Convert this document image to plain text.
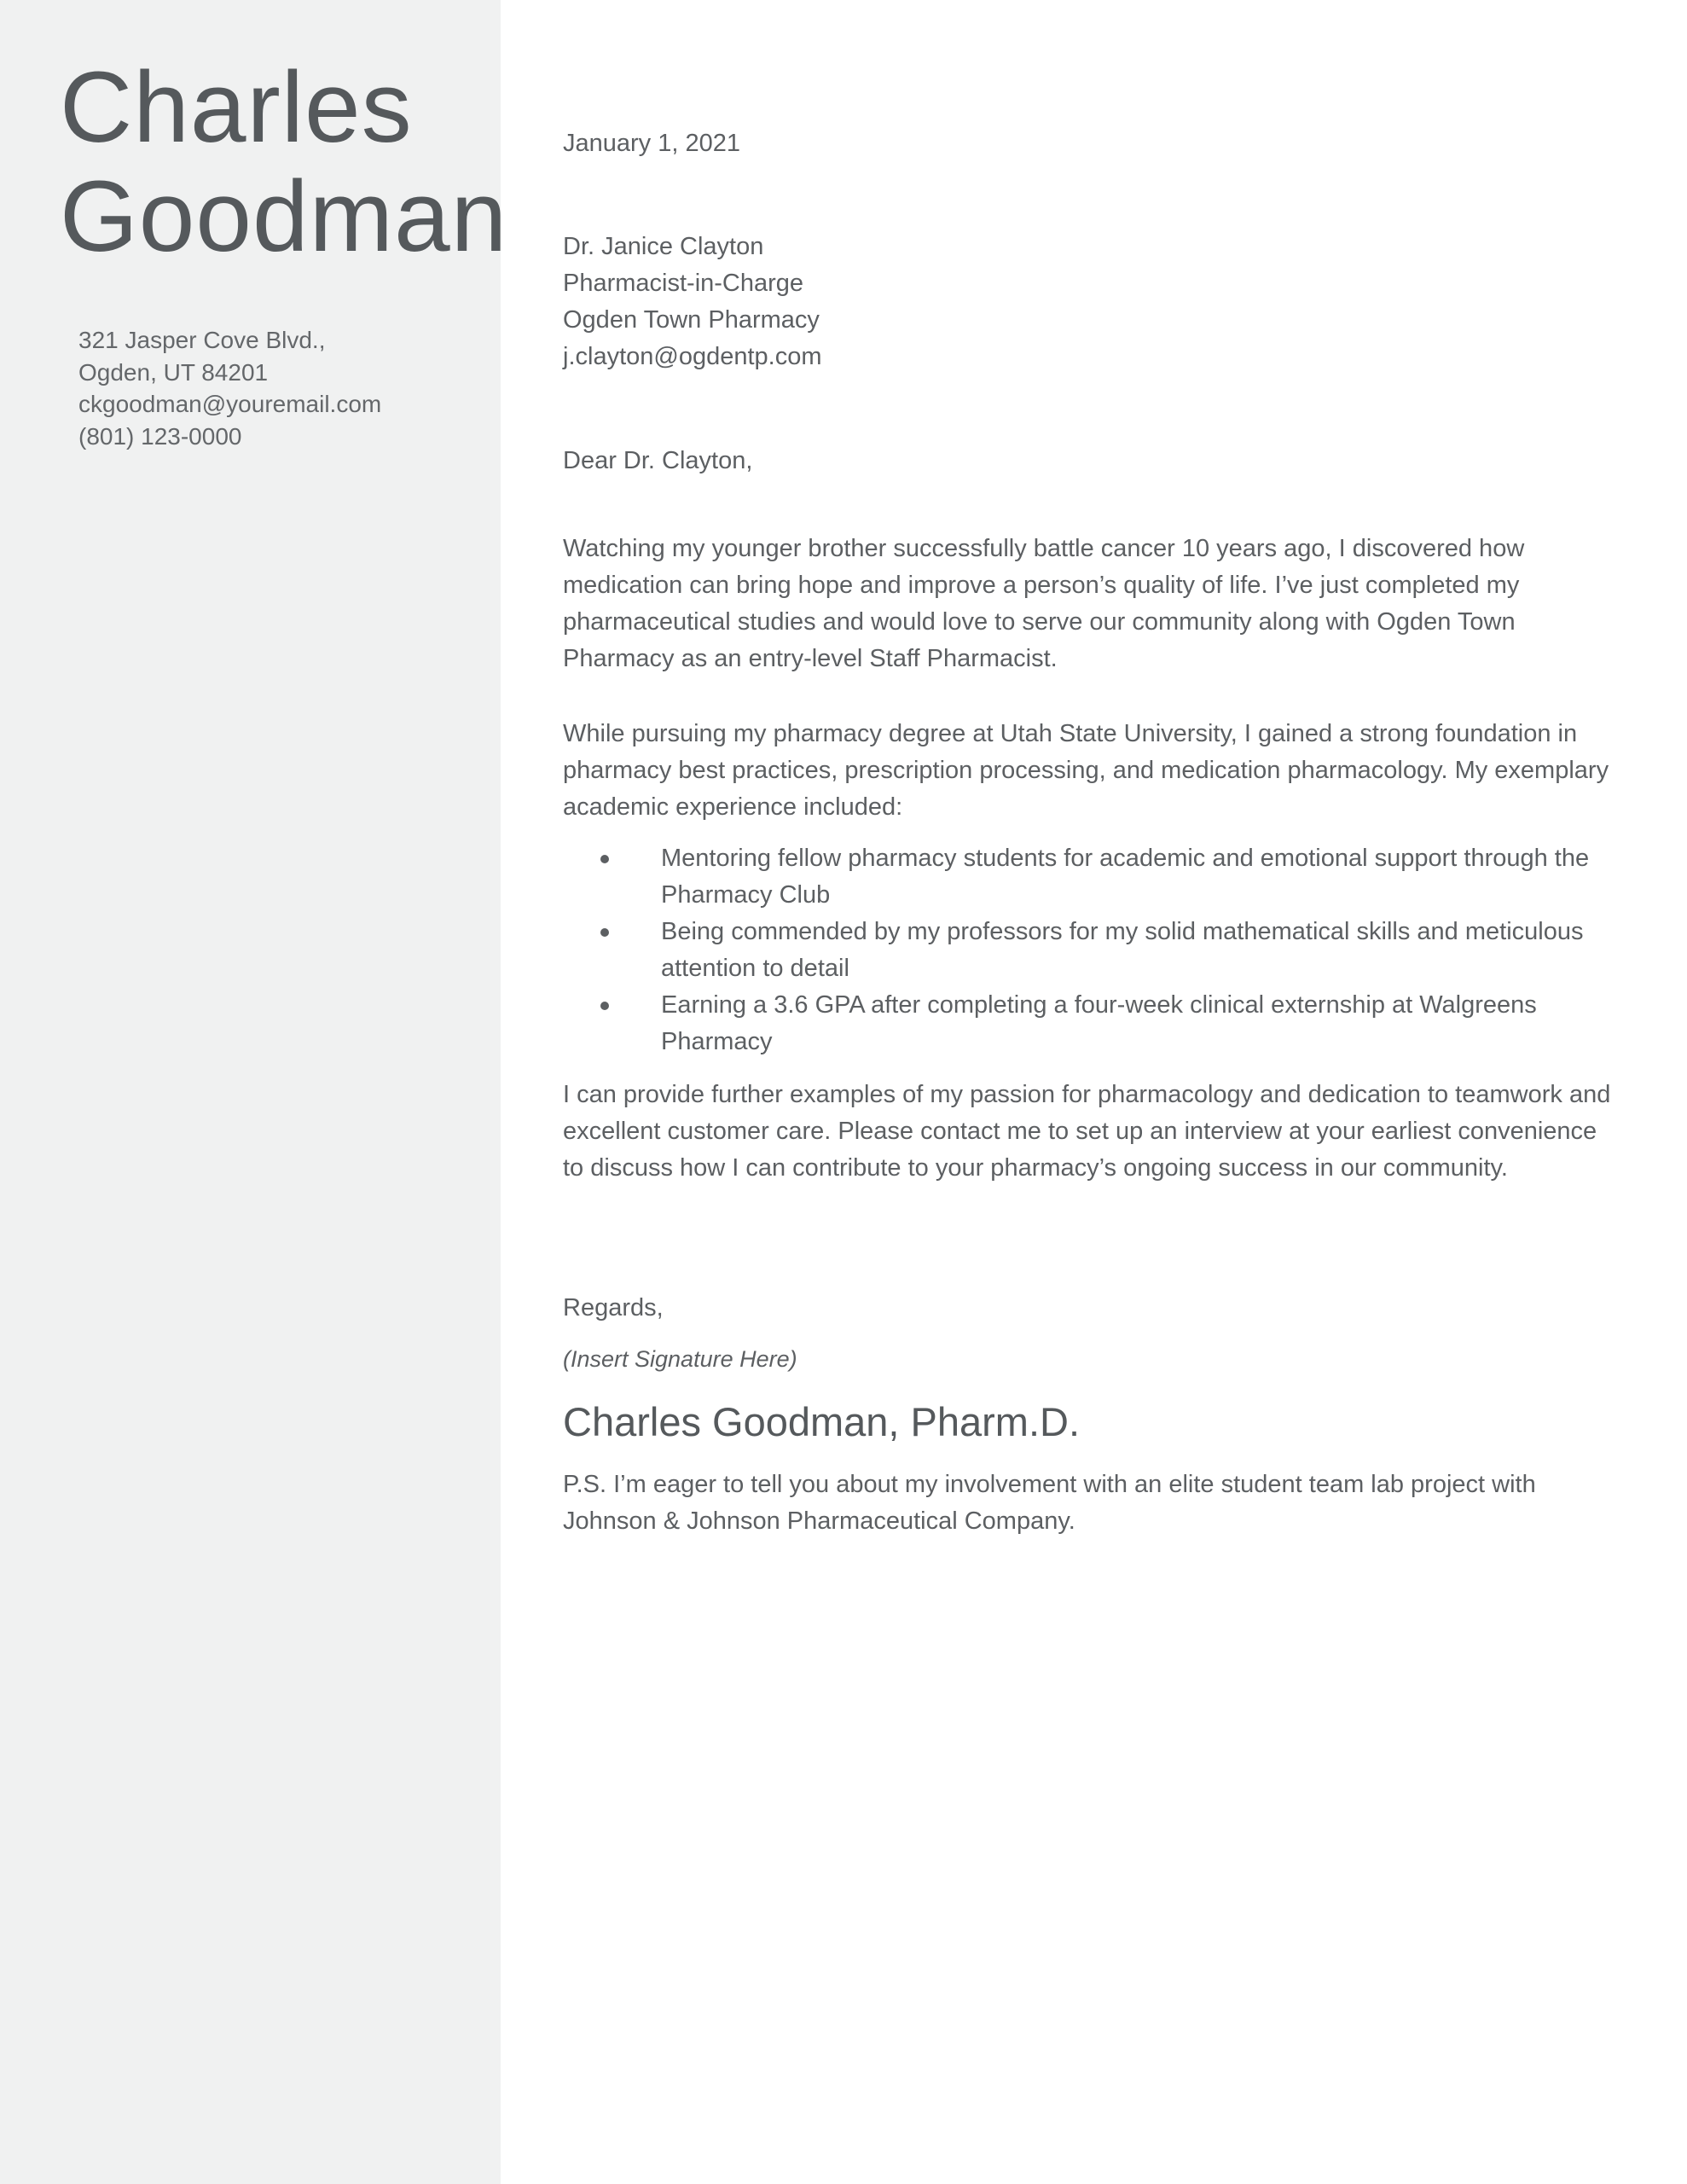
Charles
Goodman
321 Jasper Cove Blvd.,
Ogden, UT 84201
ckgoodman@youremail.com
(801) 123-0000
January 1, 2021
Dr. Janice Clayton
Pharmacist-in-Charge
Ogden Town Pharmacy
j.clayton@ogdentp.com
Dear Dr. Clayton,

Watching my younger brother successfully battle cancer 10 years ago, I discovered how medication can bring hope and improve a person’s quality of life. I’ve just completed my pharmaceutical studies and would love to serve our community along with Ogden Town Pharmacy as an entry-level Staff Pharmacist.

While pursuing my pharmacy degree at Utah State University, I gained a strong foundation in pharmacy best practices, prescription processing, and medication pharmacology. My exemplary academic experience included:

Mentoring fellow pharmacy students for academic and emotional support through the Pharmacy Club
Being commended by my professors for my solid mathematical skills and meticulous attention to detail
Earning a 3.6 GPA after completing a four-week clinical externship at Walgreens Pharmacy

I can provide further examples of my passion for pharmacology and dedication to teamwork and excellent customer care. Please contact me to set up an interview at your earliest convenience to discuss how I can contribute to your pharmacy’s ongoing success in our community.

Regards,
(Insert Signature Here)
Charles Goodman, Pharm.D.

P.S. I’m eager to tell you about my involvement with an elite student team lab project with Johnson & Johnson Pharmaceutical Company.
